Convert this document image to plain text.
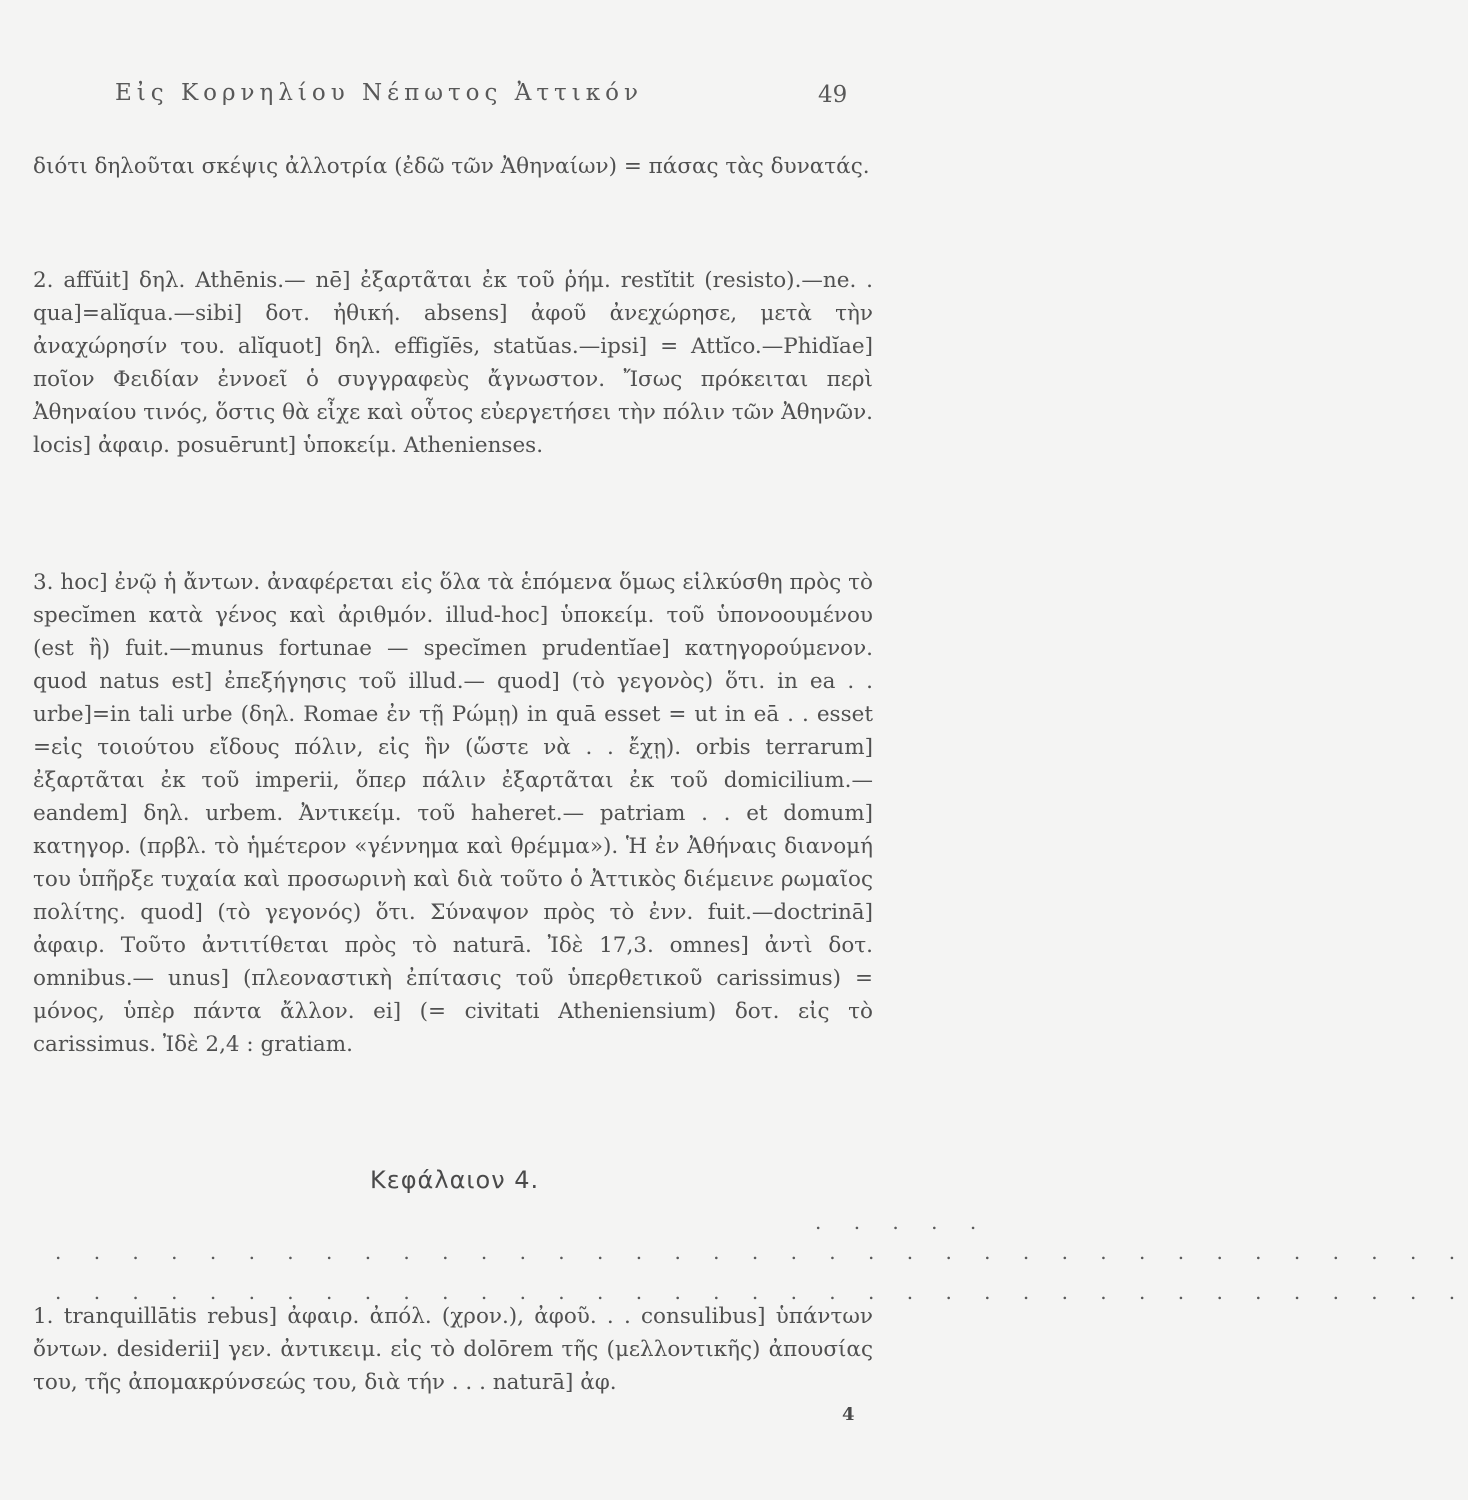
Εἰς Κορνηλίου Νέπωτος Ἀττικόν	49

διότι δηλοῦται σκέψις ἀλλοτρία (ἐδῶ τῶν Ἀθηναίων) = πάσας τὰς δυνατάς.

2. affŭit] δηλ. Athēnis.— nē] ἐξαρτᾶται ἐκ τοῦ ῥήμ. restĭtit (resisto).—ne. . qua]=alĭqua.—sibi] δοτ. ἠθική. absens] ἀφοῦ ἀνεχώρησε, μετὰ τὴν ἀναχώρησίν του. alĭquot] δηλ. effigĭēs, statŭas.—ipsi] = Attĭco.—Phidĭae] ποῖον Φειδίαν ἐννοεῖ ὁ συγγραφεὺς ἄγνωστον. Ἴσως πρόκειται περὶ Ἀθηναίου τινός, ὅστις θὰ εἶχε καὶ οὗτος εὐεργετήσει τὴν πόλιν τῶν Ἀθηνῶν. locis] ἀφαιρ. posuērunt] ὑποκείμ. Athenienses.

3. hoc] ἐνῷ ἡ ἄντων. ἀναφέρεται εἰς ὅλα τὰ ἑπόμενα ὅμως εἱλκύσθη πρὸς τὸ specĭmen κατὰ γένος καὶ ἀριθμόν. illud-hoc] ὑποκείμ. τοῦ ὑπονοουμένου (est ἢ) fuit.—munus fortunae — specĭmen prudentĭae] κατηγορούμενον. quod natus est] ἐπεξήγησις τοῦ illud.— quod] (τὸ γεγονὸς) ὅτι. in ea . . urbe]=in tali urbe (δηλ. Romae ἐν τῇ Ρώμῃ) in quā esset = ut in eā . . esset =εἰς τοιούτου εἴδους πόλιν, εἰς ἣν (ὥστε νὰ . . ἔχῃ). orbis terrarum] ἐξαρτᾶται ἐκ τοῦ imperii, ὅπερ πάλιν ἐξαρτᾶται ἐκ τοῦ domicilium.—eandem] δηλ. urbem. Ἀντικείμ. τοῦ haheret.— patriam . . et domum] κατηγορ. (πρβλ. τὸ ἡμέτερον «γέννημα καὶ θρέμμα»). Ἡ ἐν Ἀθήναις διανομή του ὑπῆρξε τυχαία καὶ προσωρινὴ καὶ διὰ τοῦτο ὁ Ἀττικὸς διέμεινε ρωμαῖος πολίτης. quod] (τὸ γεγονός) ὅτι. Σύναψον πρὸς τὸ ἐνν. fuit.—doctrinā] ἀφαιρ. Τοῦτο ἀντιτίθεται πρὸς τὸ naturā. Ἰδὲ 17,3. omnes] ἀντὶ δοτ. omnibus.— unus] (πλεοναστικὴ ἐπίτασις τοῦ ὑπερθετικοῦ carissimus) = μόνος, ὑπὲρ πάντα ἄλλον. ei] (= civitati Atheniensium) δοτ. εἰς τὸ carissimus. Ἰδὲ 2,4 : gratiam.

Κεφάλαιον 4.
. . . . .
. . . . . . . . . . . . . . . . . . . . . . . . . . . . . . . . . . . . .
. . . . . . . . . . . . . . . . . . . . . . . . . . . . . . . . . . . . .

1. tranquillātis rebus] ἀφαιρ. ἀπόλ. (χρον.), ἀφοῦ. . . consulibus] ὑπάντων ὄντων. desiderii] γεν. ἀντικειμ. εἰς τὸ dolōrem τῆς (μελλοντικῆς) ἀπουσίας του, τῆς ἀπομακρύνσεώς του, διὰ τήν . . . naturā] ἀφ.

4
